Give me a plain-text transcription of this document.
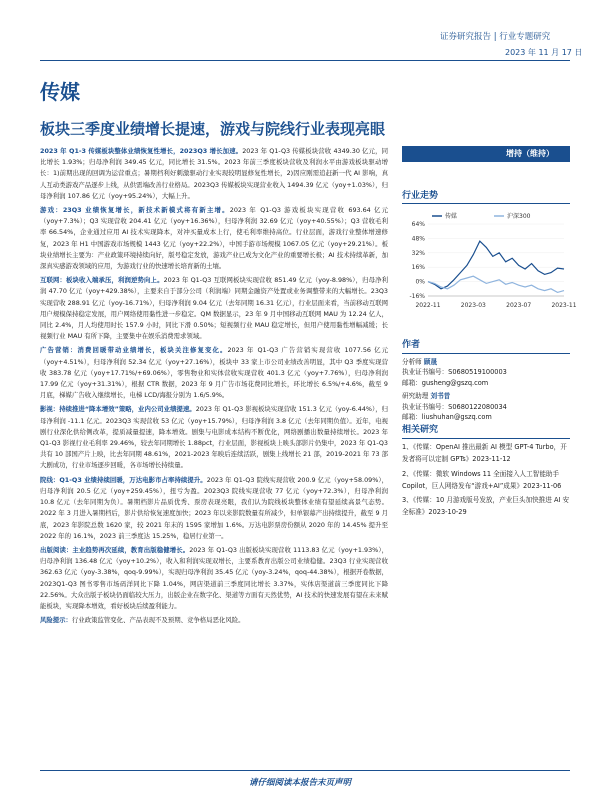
证券研究报告 | 行业专题研究
2023 年 11 月 17 日
传媒
板块三季度业绩增长提速，游戏与院线行业表现亮眼
2023 年 Q1-3 传媒板块整体业绩恢复性增长，2023Q3 增长加速。2023 年 Q1-Q3 传媒板块营收 4349.30 亿元，同比增长 1.93%；归母净利润 349.45 亿元，同比增长 31.5%。2023 年前三季度板块营收及利润水平由游戏板块驱动增长：1)前期出现的回调为运营重点；暑期档利好刺激驱动行业实现较明显修复性增长，2)因应刚需追赶新一代 AI 影响，真人互动类游戏产品逐步上线，从供需端改善行业格局。2023Q3 传媒板块实现营业收入 1494.39 亿元（yoy+1.03%），归母净利润 107.86 亿元（yoy+95.24%），大幅上升。
游戏：23Q3 业绩恢复增长，新技术新模式将有新主增。2023 年 Q1-Q3 游戏板块实现营收 693.64 亿元（yoy+7.3%）；Q3 实现营收 204.41 亿元（yoy+16.36%），归母净利润 32.69 亿元（yoy+40.55%）；Q3 营收毛利率 66.54%，企业通过应用 AI 技术实现降本，对冲买量成本上行，使毛利率维持高位。行业层面，游戏行业整体增速修复，2023 年 H1 中国游戏市场规模 1443 亿元（yoy+22.2%），中国手游市场规模 1067.05 亿元（yoy+29.21%）。板块业绩增长主要为：产业政策环境持续向好，版号稳定发放，游戏产业已成为文化产业的重要增长极；AI 技术持续革新，加深真实感游戏领域的应用，为游戏行业的快速增长培育新的土壤。
互联网：板块收入端承压，利润逆势向上。2023 年 Q1-Q3 互联网板块实现营收 851.49 亿元（yoy-8.98%），归母净利润 47.70 亿元（yoy+429.38%），主要来自于部分公司（利润端）同期金融资产处置或业务调整带来的大幅增长。23Q3 实现营收 288.91 亿元（yoy-16.71%），归母净利润 9.04 亿元（去年同期 16.31 亿元），行业层面来看，当前移动互联网用户规模保持稳定发展，用户网络使用黏性进一步稳定。QM 数据显示，23 年 9 月中国移动互联网 MAU 为 12.24 亿人，同比 2.4%，月人均使用时长 157.9 小时，同比下滑 0.50%；短视频行业 MAU 稳定增长，但用户使用黏性增幅减缓；长视频行业 MAU 有所下降，主要集中在娱乐消费需求领域。
广告营销：消费回暖带动业绩增长，板块关注修复变化。2023 年 Q1-Q3 广告营销实现营收 1077.56 亿元（yoy+4.51%），归母净利润 52.34 亿元（yoy+27.16%），板块中 33 家上市公司业绩改善明显，其中 Q3 季度实现营收 383.78 亿元（yoy+17.71%/+69.06%），零售物业和实体营收实现营收 401.3 亿元（yoy+7.76%），归母净利润 17.99 亿元（yoy+31.31%），根据 CTR 数据，2023 年 9 月广告市场花费同比增长，环比增长 6.5%/+4.6%，截至 9 月底，梯媒广告收入继续增长，电梯 LCD/海报分别为 1.6/5.9%。
影视：持续推进“降本增效”策略，业内公司业绩提速。2023 年 Q1-Q3 影视板块实现营收 151.3 亿元（yoy-6.44%），归母净利润 -11.1 亿元。2023Q3 实现营收 53 亿元（yoy+15.79%），归母净利润 3.8 亿元（去年同期负值）。近年，电视剧行业深化供给侧改革，提质减量提速，降本增效。剧集与电影成本结构不断优化，网络剧播出数量持续增长。2023 年 Q1-Q3 影视行业毛利率 29.46%，较去年同期增长 1.88pct，行业层面，影视板块上映头部影片仍集中，2023 年 Q1-Q3 共有 10 部国产片上映，比去年同期 48.61%，2021-2023 年映后连续活跃，剧集上线增长 21 部，2019-2021 年 73 部大剧成功，行业市场逐步回暖，各市场增长持续量。
院线：Q1-Q3 业绩持续回暖，万达电影市占率持续提升。2023 年 Q1-Q3 院线实现营收 200.9 亿元（yoy+58.09%），归母净利润 20.5 亿元（yoy+259.45%），扭亏为盈。2023Q3 院线实现营收 77 亿元（yoy+72.3%），归母净利润 10.8 亿元（去年同期为负）。暑期档影片品质优秀、票房表现亮眼，我们认为院线板块整体业绩有望延续高景气态势。2022 年 3 月进入暑期档后，影片供给恢复速度加快；2023 年以来影院数量有所减少，但单银幕产出持续提升，截至 9 月底，2023 年影院总数 1620 家，较 2021 年末的 1595 家增加 1.6%。万达电影票房份额从 2020 年的 14.45% 提升至 2022 年的 16.1%，2023 前三季度达 15.25%，稳居行业第一。
出版阅读：主业趋势再次延续，教育出版稳健增长。2023 年 Q1-Q3 出版板块实现营收 1113.83 亿元（yoy+1.93%），归母净利润 136.48 亿元（yoy+10.2%），收入和利润实现双增长，主要系教育出版公司业绩稳健。23Q3 行业实现营收 362.63 亿元（yoy-3.38%，qoq-9.99%），实现归母净利润 35.45 亿元（yoy-3.24%，qoq-44.38%），根据开卷数据，2023Q1-Q3 图书零售市场码洋同比下降 1.04%，网店渠道前三季度同比增长 3.37%，实体店渠道前三季度同比下降 22.56%。大众出版子板块仍面临较大压力，出版企业在数字化、渠道等方面有天然优势，AI 技术的快速发展有望在未来赋能板块，实现降本增效，看好板块后续盈利能力。
风险提示：行业政策监管变化、产品表现不及预期、竞争格局恶化风险。
增持（维持）
行业走势
-16%
0%
16%
32%
48%
64%
2022-11	2023-03	2023-07	2023-11
传媒	沪深300
作者
分析师 顾晟
执业证书编号：S0680519100003
邮箱：gusheng@gszq.com
研究助理 刘书昔
执业证书编号：S0680122080034
邮箱：liushuhan@gszq.com
相关研究
1、《传媒：OpenAI 推出最新 AI 模型 GPT-4 Turbo，开发者将可以定制 GPTs》2023-11-12
2、《传媒：微软 Windows 11 全面接入人工智能助手 Copilot，巨人网络发布“游戏+AI”成果》2023-11-06
3、《传媒：10 月游戏版号发放，产业巨头加快推进 AI 安全标准》2023-10-29
请仔细阅读本报告末页声明
